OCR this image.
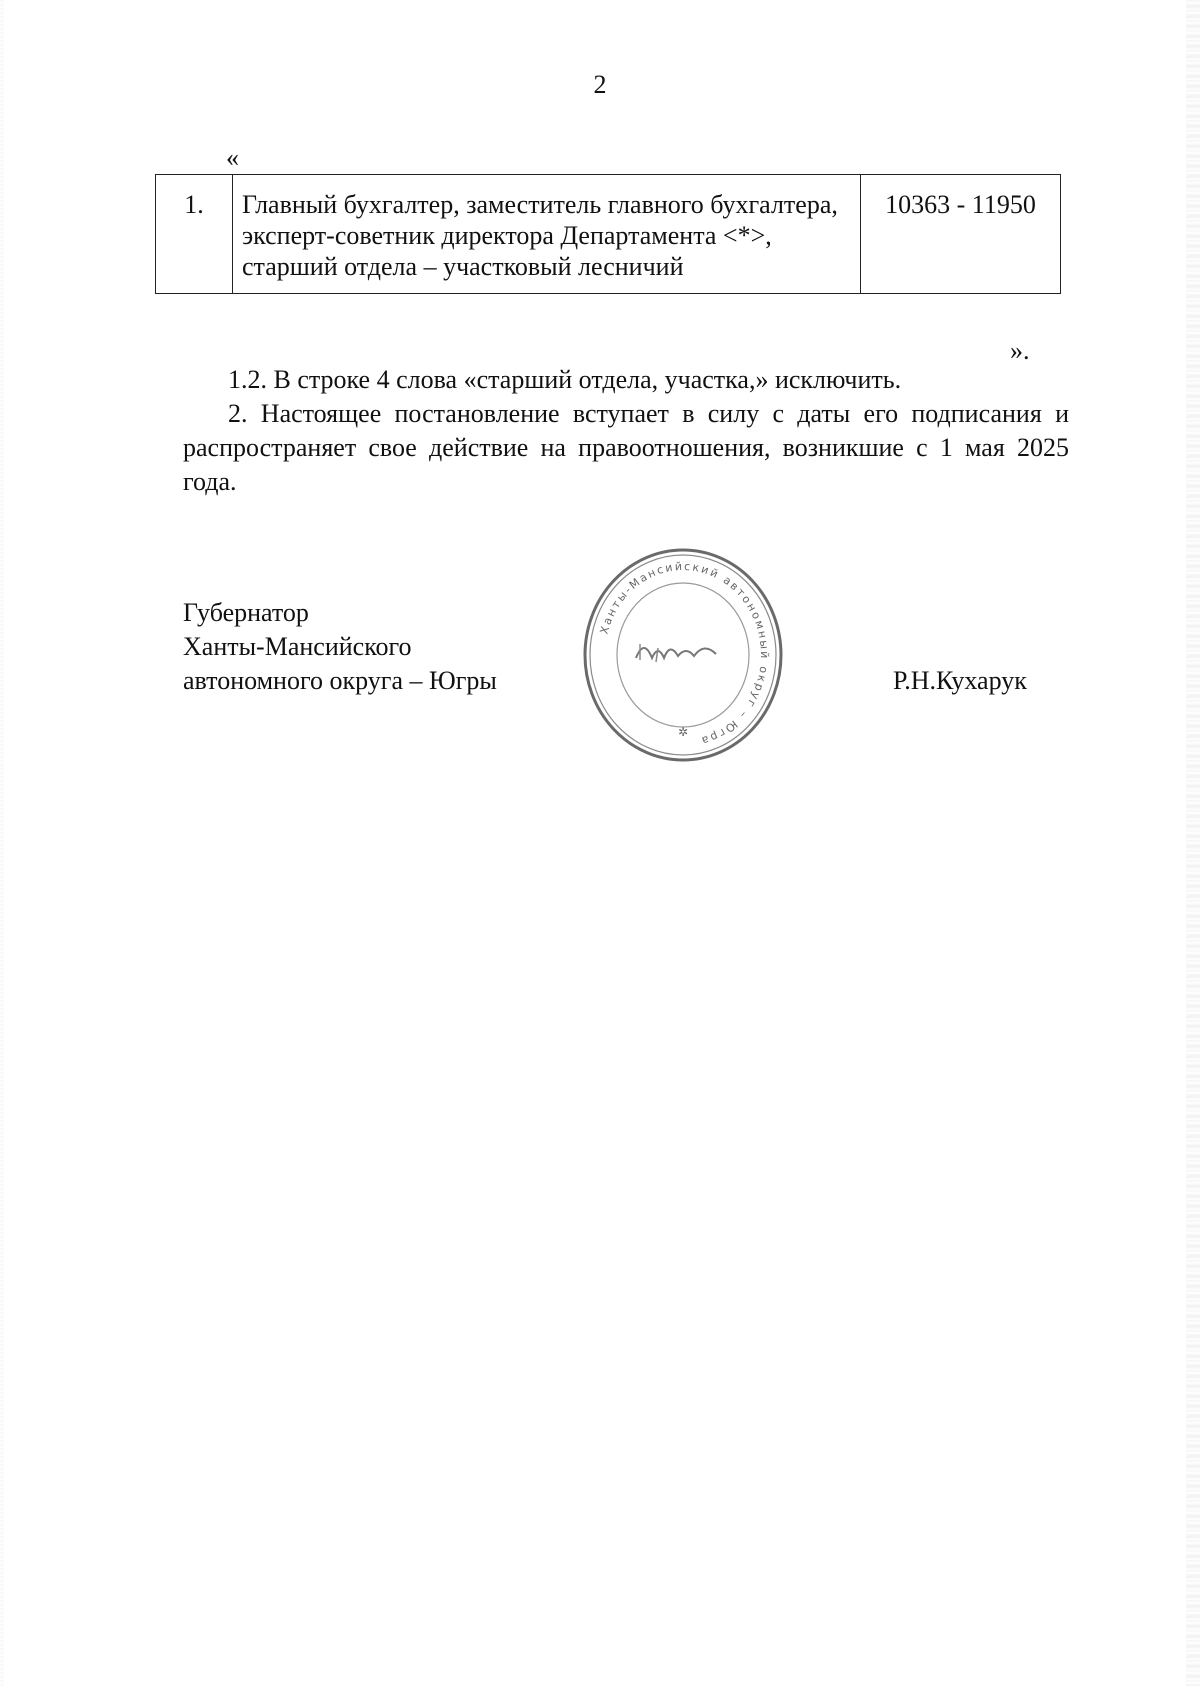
2
«
1.	Главный бухгалтер, заместитель главного бухгалтера, эксперт-советник директора Департамента <*>, старший отдела – участковый лесничий	10363 - 11950
».

1.2. В строке 4 слова «старший отдела, участка,» исключить.

2. Настоящее постановление вступает в силу с даты его подписания и распространяет свое действие на правоотношения, возникшие с 1 мая 2025 года.

Губернатор
Ханты-Мансийского
автономного округа – Югры
Ханты-Мансийский автономный округ – Югра
✲
Р.Н.Кухарук
